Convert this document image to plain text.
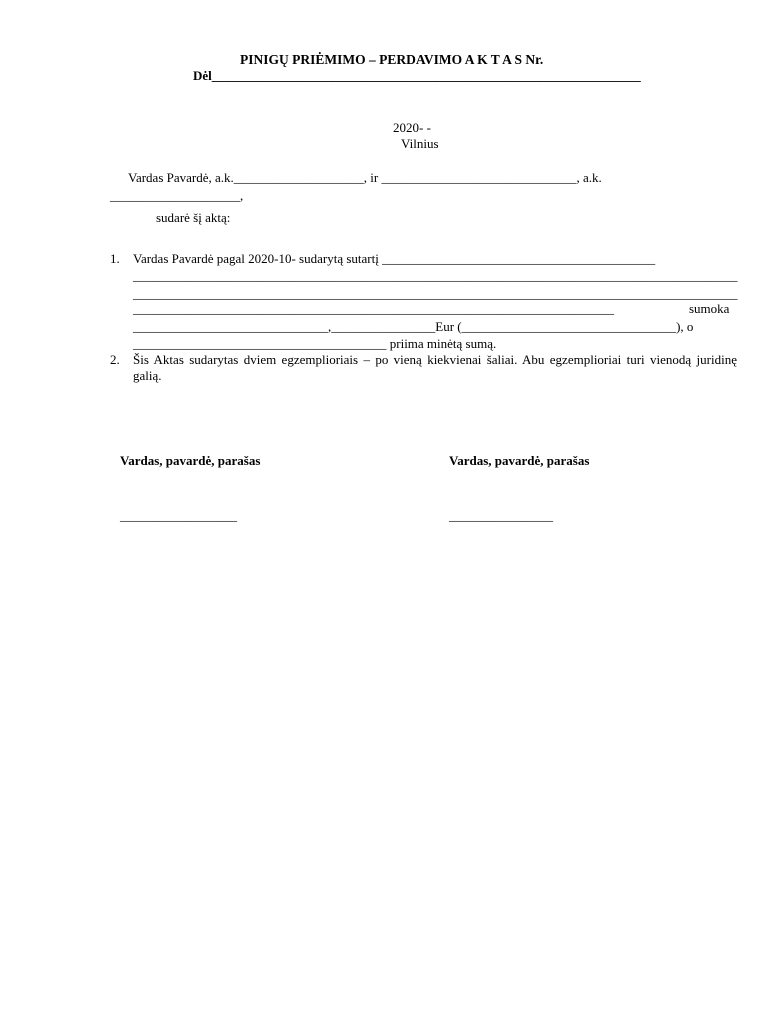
PINIGŲ PRIĖMIMO – PERDAVIMO A K T A S Nr.
Dėl__________________________________________________________________
2020- -
Vilnius
Vardas Pavardė, a.k.____________________, ir ______________________________, a.k.
____________________,
sudarė šį aktą:
1. Vardas Pavardė pagal 2020-10- sudarytą sutartį __________________________________________
_____________________________________________________________________________________________
_____________________________________________________________________________________________
__________________________________________________________________________	sumoka
______________________________,________________Eur (_________________________________), o
_______________________________________ priima minėtą sumą.
2. Šis Aktas sudarytas dviem egzemplioriais – po vieną kiekvienai šaliai. Abu egzemplioriai turi vienodą juridinę galią.
Vardas, pavardė, parašas	Vardas, pavardė, parašas
__________________	________________
